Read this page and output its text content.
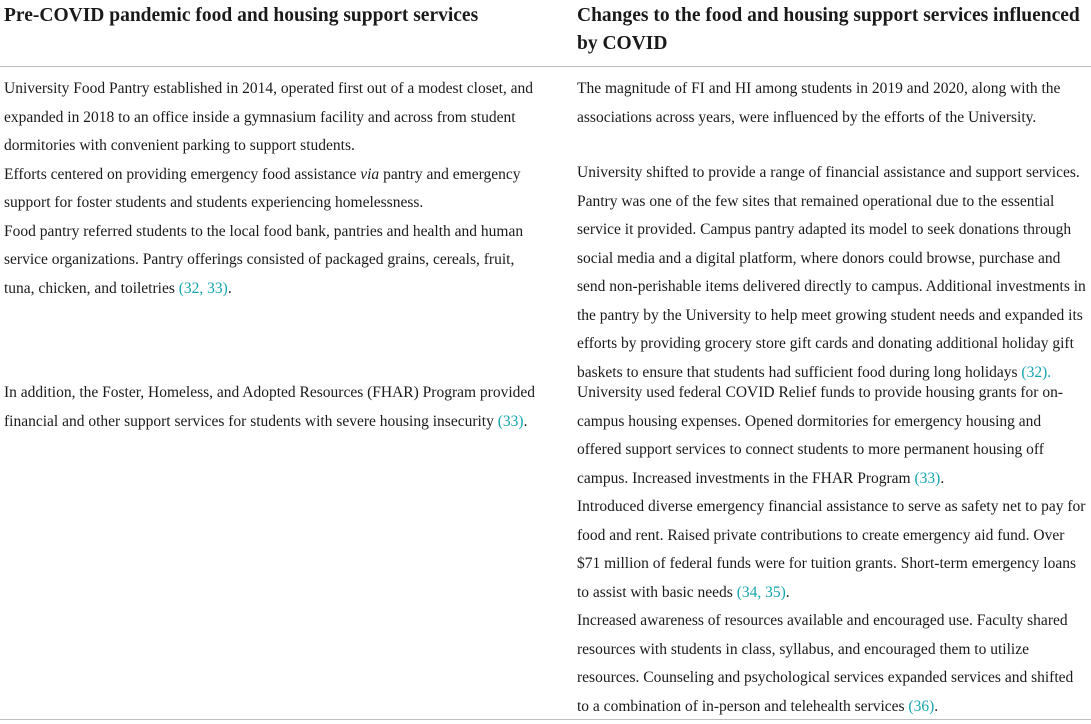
Pre-COVID pandemic food and housing support services	Changes to the food and housing support services influenced by COVID

University Food Pantry established in 2014, operated first out of a modest closet, and expanded in 2018 to an office inside a gymnasium facility and across from student dormitories with convenient parking to support students.

Efforts centered on providing emergency food assistance via pantry and emergency support for foster students and students experiencing homelessness.

Food pantry referred students to the local food bank, pantries and health and human service organizations. Pantry offerings consisted of packaged grains, cereals, fruit, tuna, chicken, and toiletries (32, 33).

In addition, the Foster, Homeless, and Adopted Resources (FHAR) Program provided financial and other support services for students with severe housing insecurity (33).

The magnitude of FI and HI among students in 2019 and 2020, along with the associations across years, were influenced by the efforts of the University.

University shifted to provide a range of financial assistance and support services. Pantry was one of the few sites that remained operational due to the essential service it provided. Campus pantry adapted its model to seek donations through social media and a digital platform, where donors could browse, purchase and send non-perishable items delivered directly to campus. Additional investments in the pantry by the University to help meet growing student needs and expanded its efforts by providing grocery store gift cards and donating additional holiday gift baskets to ensure that students had sufficient food during long holidays (32).

University used federal COVID Relief funds to provide housing grants for on-campus housing expenses. Opened dormitories for emergency housing and offered support services to connect students to more permanent housing off campus. Increased investments in the FHAR Program (33).

Introduced diverse emergency financial assistance to serve as safety net to pay for food and rent. Raised private contributions to create emergency aid fund. Over $71 million of federal funds were for tuition grants. Short-term emergency loans to assist with basic needs (34, 35).

Increased awareness of resources available and encouraged use. Faculty shared resources with students in class, syllabus, and encouraged them to utilize resources. Counseling and psychological services expanded services and shifted to a combination of in-person and telehealth services (36).
